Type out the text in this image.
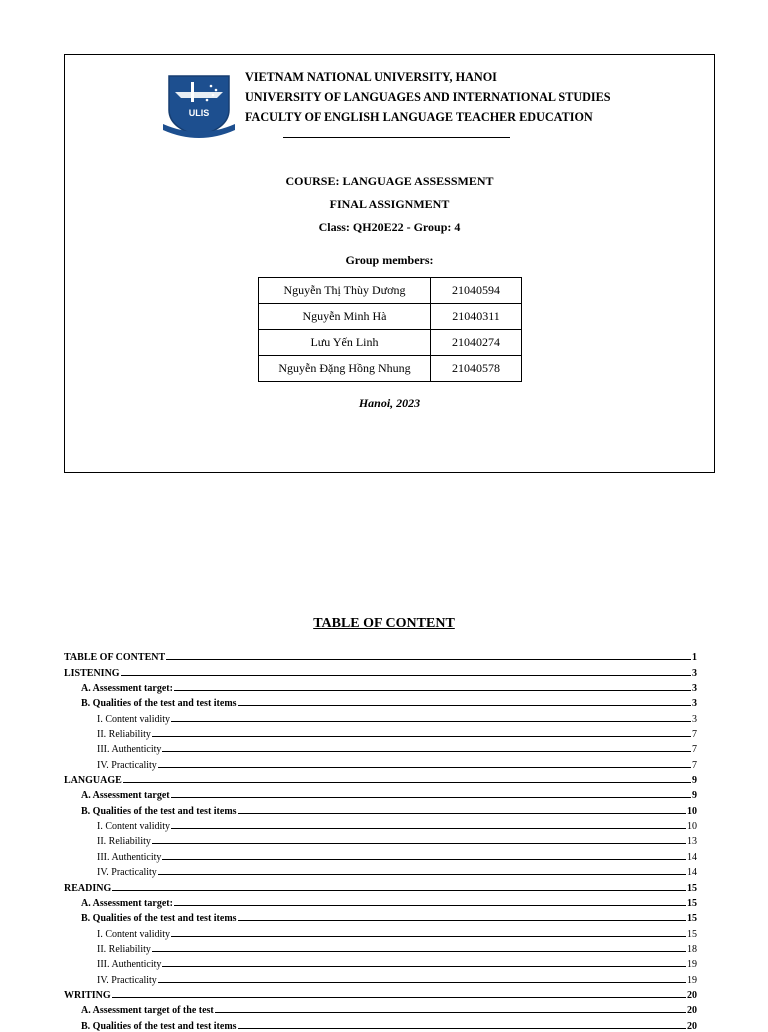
ULIS
VIETNAM NATIONAL UNIVERSITY, HANOI
UNIVERSITY OF LANGUAGES AND INTERNATIONAL STUDIES
FACULTY OF ENGLISH LANGUAGE TEACHER EDUCATION
COURSE: LANGUAGE ASSESSMENT
FINAL ASSIGNMENT
Class: QH20E22 - Group: 4
Group members:
Nguyễn Thị Thùy Dương	21040594
Nguyễn Minh Hà	21040311
Lưu Yến Linh	21040274
Nguyễn Đặng Hồng Nhung	21040578
Hanoi, 2023
TABLE OF CONTENT
TABLE OF CONTENT	1
LISTENING	3
A. Assessment target:	3
B. Qualities of the test and test items	3
I. Content validity	3
II. Reliability	7
III. Authenticity	7
IV. Practicality	7
LANGUAGE	9
A. Assessment target	9
B. Qualities of the test and test items	10
I. Content validity	10
II. Reliability	13
III. Authenticity	14
IV. Practicality	14
READING	15
A. Assessment target:	15
B. Qualities of the test and test items	15
I. Content validity	15
II. Reliability	18
III. Authenticity	19
IV. Practicality	19
WRITING	20
A. Assessment target of the test	20
B. Qualities of the test and test items	20
